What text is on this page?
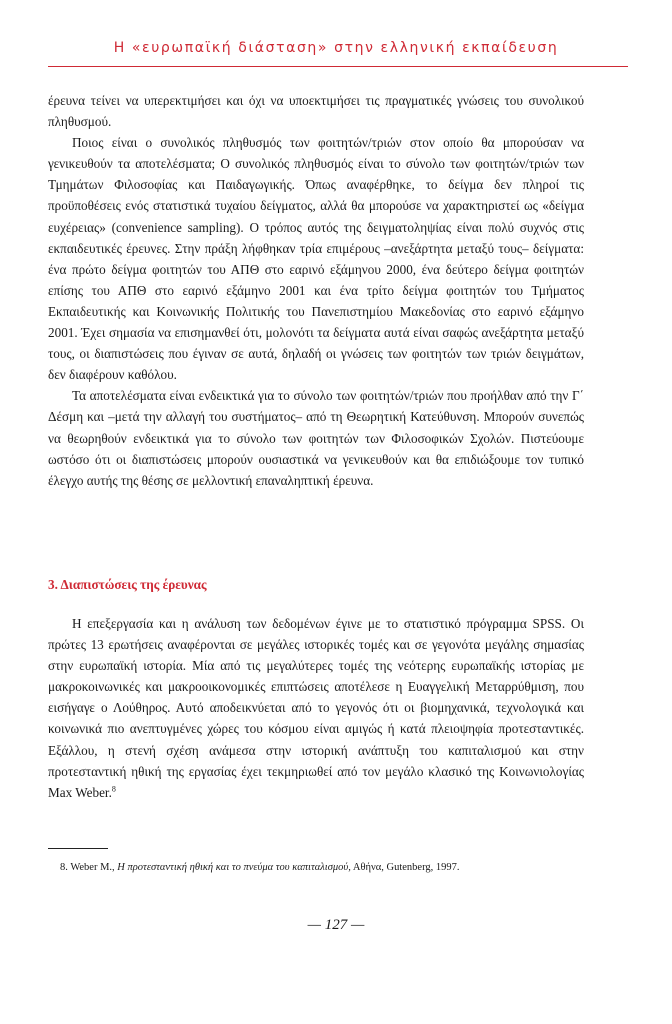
Η «ευρωπαϊκή διάσταση» στην ελληνική εκπαίδευση

έρευνα τείνει να υπερεκτιμήσει και όχι να υποεκτιμήσει τις πραγματικές γνώσεις του συνολικού πληθυσμού.

Ποιος είναι ο συνολικός πληθυσμός των φοιτητών/τριών στον οποίο θα μπορούσαν να γενικευθούν τα αποτελέσματα; Ο συνολικός πληθυσμός είναι το σύνολο των φοιτητών/τριών των Τμημάτων Φιλοσοφίας και Παιδαγωγικής. Όπως αναφέρθηκε, το δείγμα δεν πληροί τις προϋποθέσεις ενός στατιστικά τυχαίου δείγματος, αλλά θα μπορούσε να χαρακτηριστεί ως «δείγμα ευχέρειας» (convenience sampling). Ο τρόπος αυτός της δειγματοληψίας είναι πολύ συχνός στις εκπαιδευτικές έρευνες. Στην πράξη λήφθηκαν τρία επιμέρους –ανεξάρτητα μεταξύ τους– δείγματα: ένα πρώτο δείγμα φοιτητών του ΑΠΘ στο εαρινό εξάμηνου 2000, ένα δεύτερο δείγμα φοιτητών επίσης του ΑΠΘ στο εαρινό εξάμηνο 2001 και ένα τρίτο δείγμα φοιτητών του Τμήματος Εκπαιδευτικής και Κοινωνικής Πολιτικής του Πανεπιστημίου Μακεδονίας στο εαρινό εξάμηνο 2001. Έχει σημασία να επισημανθεί ότι, μολονότι τα δείγματα αυτά είναι σαφώς ανεξάρτητα μεταξύ τους, οι διαπιστώσεις που έγιναν σε αυτά, δηλαδή οι γνώσεις των φοιτητών των τριών δειγμάτων, δεν διαφέρουν καθόλου.

Τα αποτελέσματα είναι ενδεικτικά για το σύνολο των φοιτητών/τριών που προήλθαν από την Γ΄ Δέσμη και –μετά την αλλαγή του συστήματος– από τη Θεωρητική Κατεύθυνση. Μπορούν συνεπώς να θεωρηθούν ενδεικτικά για το σύνολο των φοιτητών των Φιλοσοφικών Σχολών. Πιστεύουμε ωστόσο ότι οι διαπιστώσεις μπορούν ουσιαστικά να γενικευθούν και θα επιδιώξουμε τον τυπικό έλεγχο αυτής της θέσης σε μελλοντική επαναληπτική έρευνα.

3. Διαπιστώσεις της έρευνας

Η επεξεργασία και η ανάλυση των δεδομένων έγινε με το στατιστικό πρόγραμμα SPSS. Οι πρώτες 13 ερωτήσεις αναφέρονται σε μεγάλες ιστορικές τομές και σε γεγονότα μεγάλης σημασίας στην ευρωπαϊκή ιστορία. Μία από τις μεγαλύτερες τομές της νεότερης ευρωπαϊκής ιστορίας με μακροκοινωνικές και μακροοικονομικές επιπτώσεις αποτέλεσε η Ευαγγελική Μεταρρύθμιση, που εισήγαγε ο Λούθηρος. Αυτό αποδεικνύεται από το γεγονός ότι οι βιομηχανικά, τεχνολογικά και κοινωνικά πιο ανεπτυγμένες χώρες του κόσμου είναι αμιγώς ή κατά πλειοψηφία προτεσταντικές. Εξάλλου, η στενή σχέση ανάμεσα στην ιστορική ανάπτυξη του καπιταλισμού και στην προτεσταντική ηθική της εργασίας έχει τεκμηριωθεί από τον μεγάλο κλασικό της Κοινωνιολογίας Max Weber.$^8$

8. Weber M., Η προτεσταντική ηθική και το πνεύμα του καπιταλισμού, Αθήνα, Gutenberg, 1997.
— 127 —
